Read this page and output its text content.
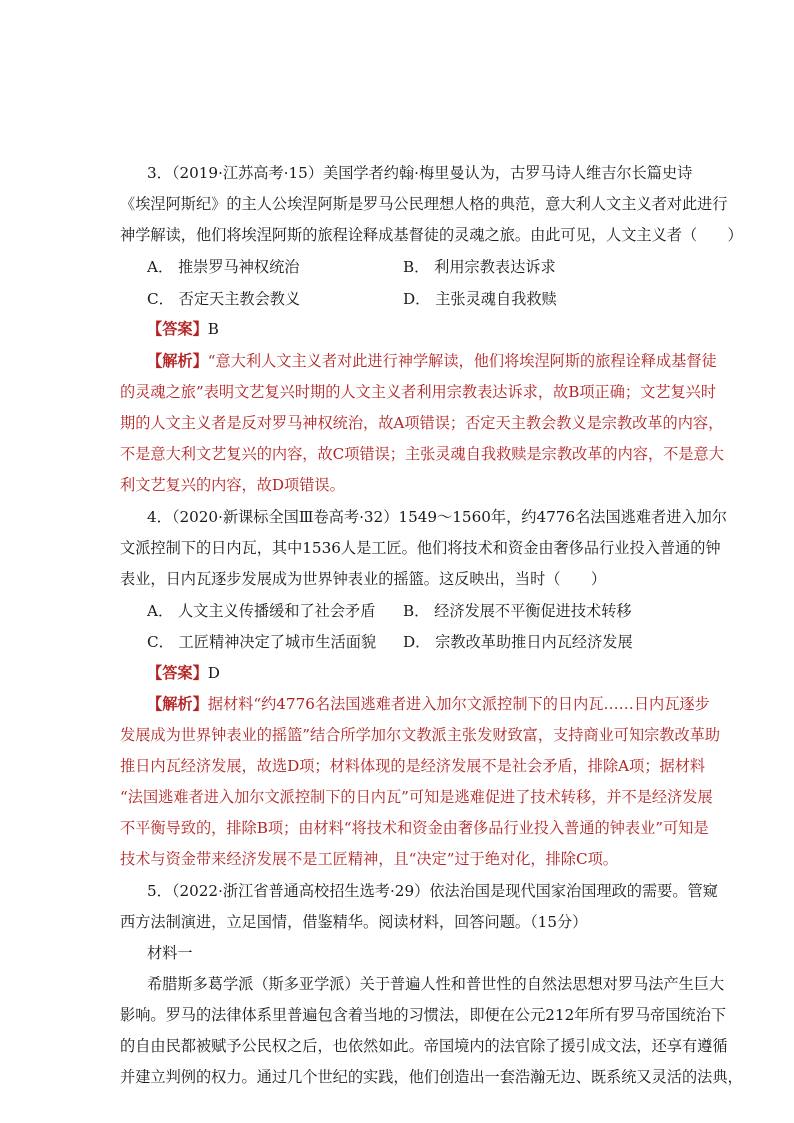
3．（2019·江苏高考·15）美国学者约翰·梅里曼认为，古罗马诗人维吉尔长篇史诗
《埃涅阿斯纪》的主人公埃涅阿斯是罗马公民理想人格的典范，意大利人文主义者对此进行
神学解读，他们将埃涅阿斯的旅程诠释成基督徒的灵魂之旅。由此可见，人文主义者（　　）
A． 推崇罗马神权统治	B． 利用宗教表达诉求
C． 否定天主教会教义	D． 主张灵魂自我救赎
【答案】B
【解析】“意大利人文主义者对此进行神学解读，他们将埃涅阿斯的旅程诠释成基督徒
的灵魂之旅”表明文艺复兴时期的人文主义者利用宗教表达诉求，故B项正确；文艺复兴时
期的人文主义者是反对罗马神权统治，故A项错误；否定天主教会教义是宗教改革的内容，
不是意大利文艺复兴的内容，故C项错误；主张灵魂自我救赎是宗教改革的内容，不是意大
利文艺复兴的内容，故D项错误。
4．（2020·新课标全国Ⅲ卷高考·32）1549～1560年，约4776名法国逃难者进入加尔
文派控制下的日内瓦，其中1536人是工匠。他们将技术和资金由奢侈品行业投入普通的钟
表业，日内瓦逐步发展成为世界钟表业的摇篮。这反映出，当时（　　）
A． 人文主义传播缓和了社会矛盾 B． 经济发展不平衡促进技术转移
C． 工匠精神决定了城市生活面貌 D． 宗教改革助推日内瓦经济发展
【答案】D
【解析】据材料“约4776名法国逃难者进入加尔文派控制下的日内瓦……日内瓦逐步
发展成为世界钟表业的摇篮”结合所学加尔文教派主张发财致富，支持商业可知宗教改革助
推日内瓦经济发展，故选D项；材料体现的是经济发展不是社会矛盾，排除A项；据材料
“法国逃难者进入加尔文派控制下的日内瓦”可知是逃难促进了技术转移，并不是经济发展
不平衡导致的，排除B项；由材料“将技术和资金由奢侈品行业投入普通的钟表业”可知是
技术与资金带来经济发展不是工匠精神，且“决定”过于绝对化，排除C项。
5．（2022·浙江省普通高校招生选考·29）依法治国是现代国家治国理政的需要。管窥
西方法制演进，立足国情，借鉴精华。阅读材料，回答问题。（15分）
材料一
希腊斯多葛学派（斯多亚学派）关于普遍人性和普世性的自然法思想对罗马法产生巨大
影响。罗马的法律体系里普遍包含着当地的习惯法，即便在公元212年所有罗马帝国统治下
的自由民都被赋予公民权之后，也依然如此。帝国境内的法官除了援引成文法，还享有遵循
并建立判例的权力。通过几个世纪的实践，他们创造出一套浩瀚无边、既系统又灵活的法典，
